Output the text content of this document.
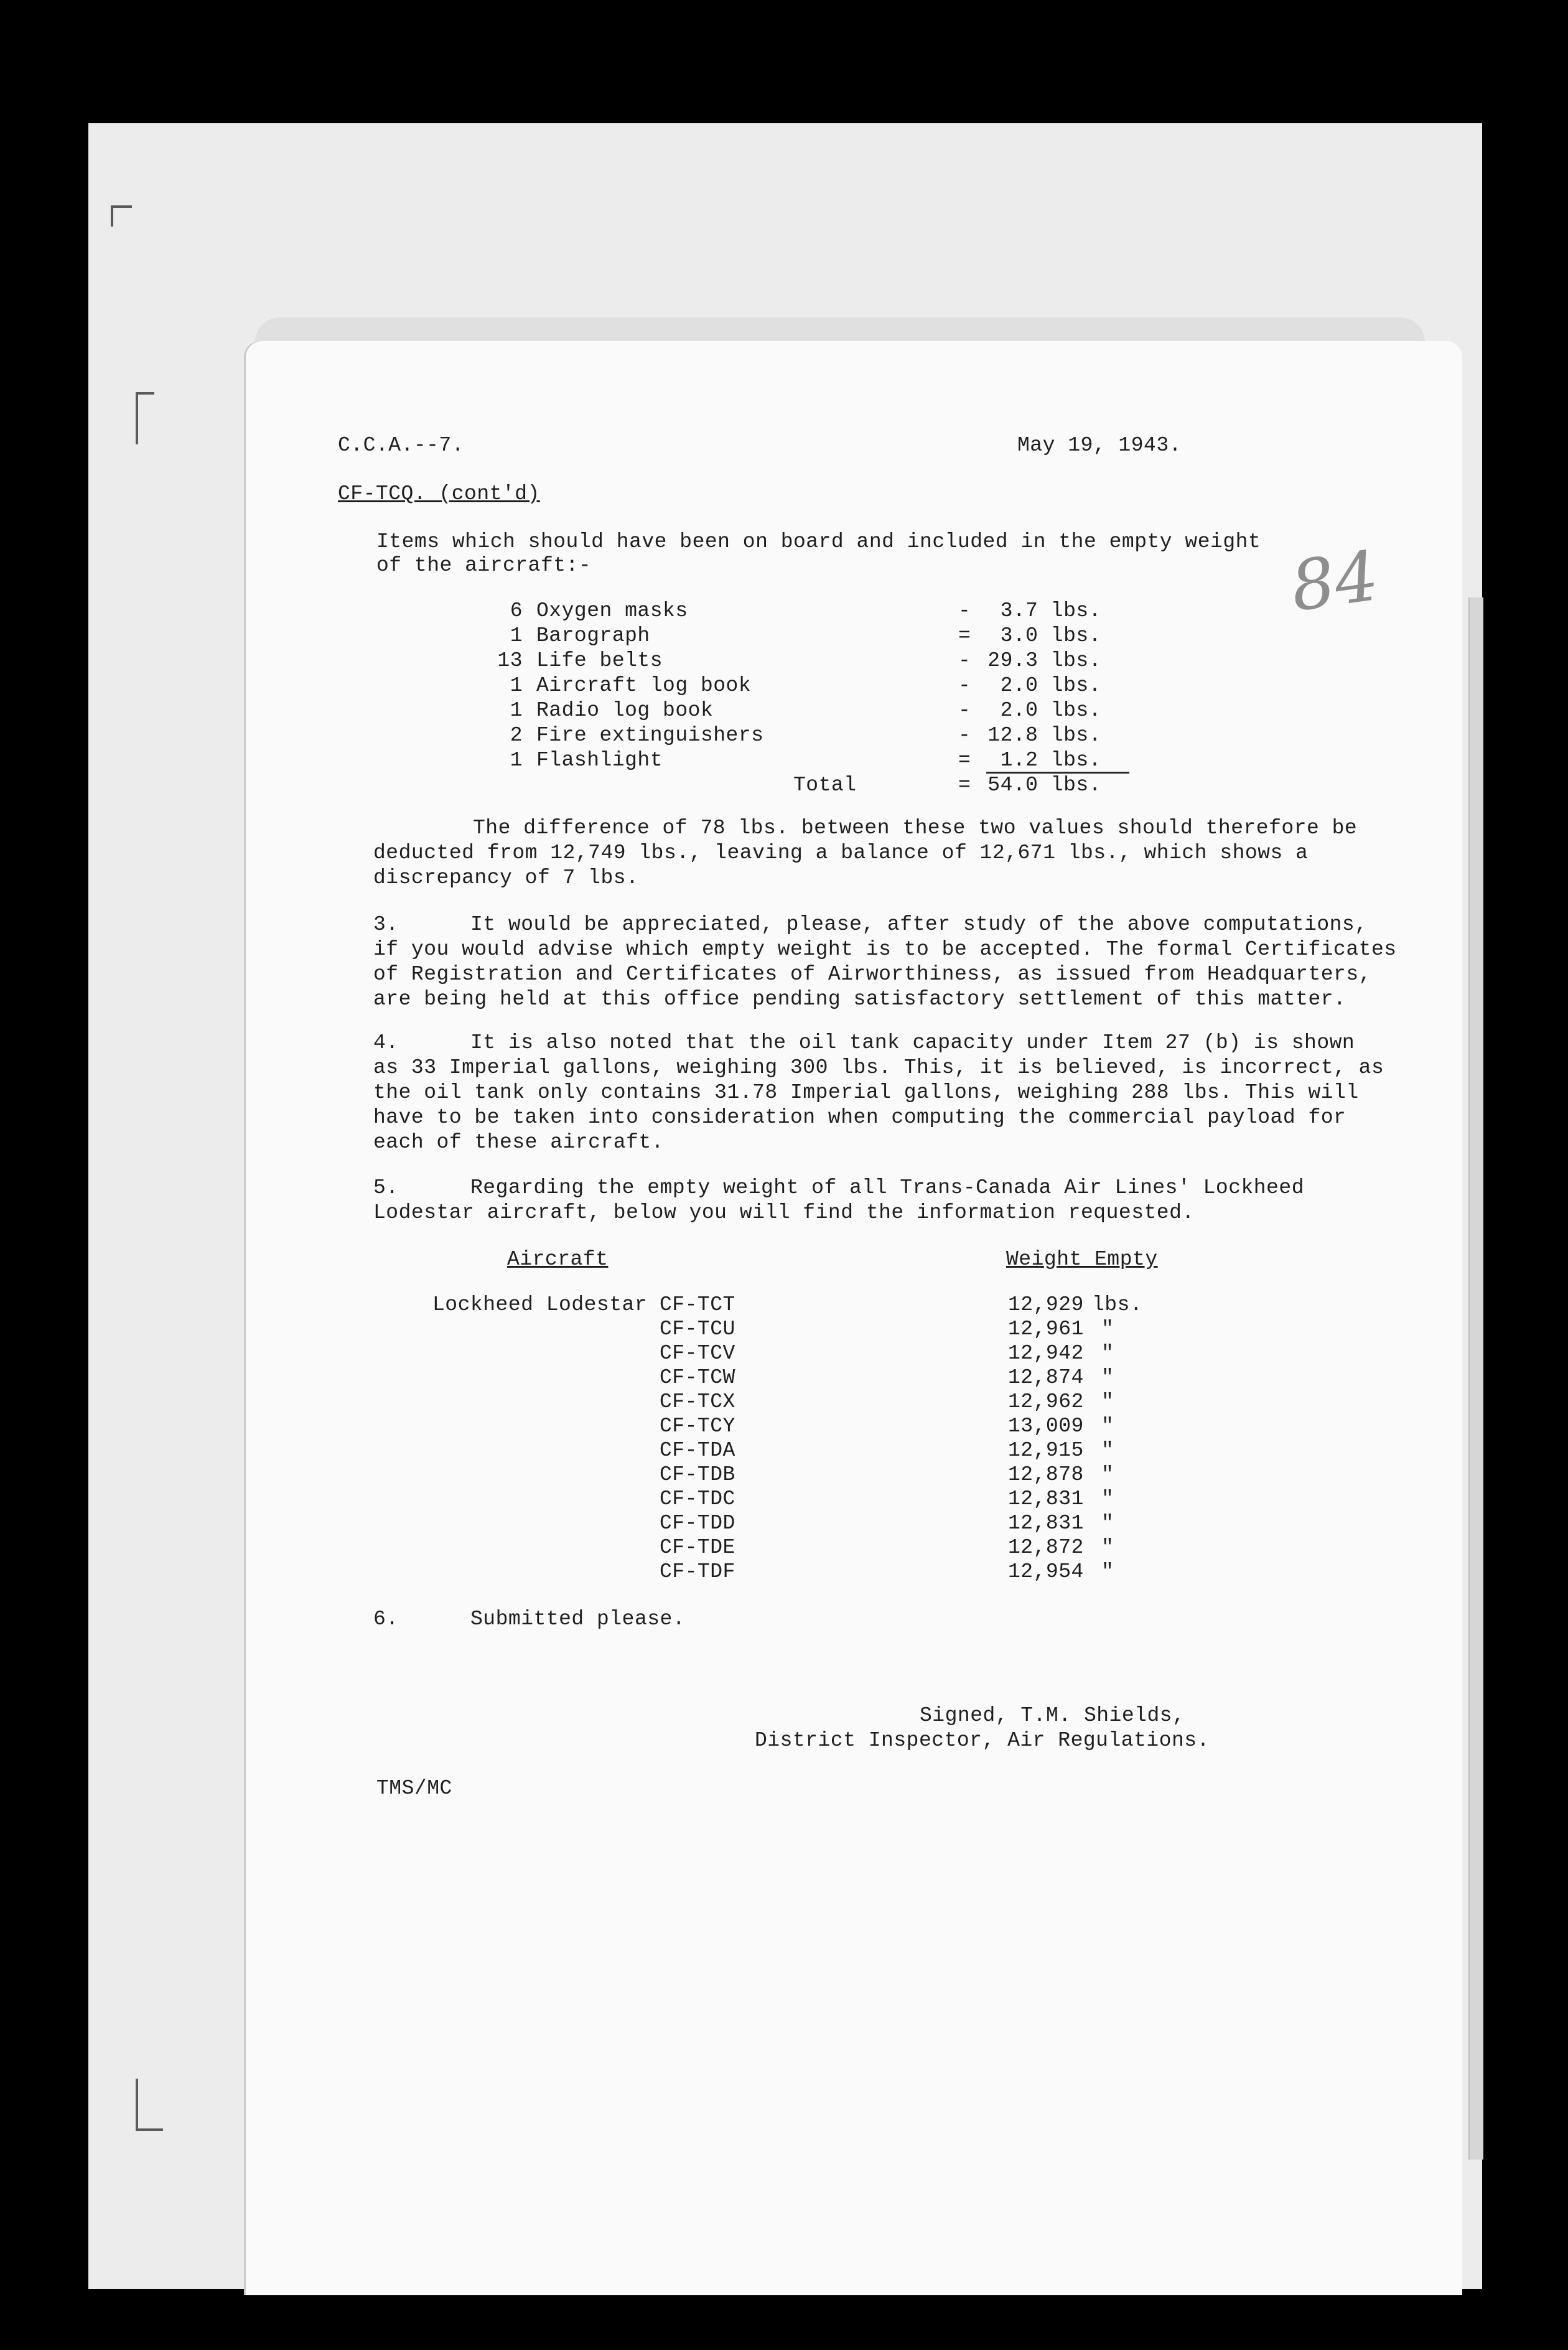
C.C.A.--7.	May 19, 1943.
CF-TCQ. (cont'd)
84
Items which should have been on board and included in the empty weight
of the aircraft:-
6 Oxygen masks	-	3.7 lbs.
1 Barograph	=	3.0 lbs.
13 Life belts	- 29.3 lbs.
1 Aircraft log book	-	2.0 lbs.
1 Radio log book	-	2.0 lbs.
2 Fire extinguishers	- 12.8 lbs.
1 Flashlight	=	1.2 lbs.
Total	= 54.0 lbs.
The difference of 78 lbs. between these two values should therefore be
deducted from 12,749 lbs., leaving a balance of 12,671 lbs., which shows a
discrepancy of 7 lbs.
3.	It would be appreciated, please, after study of the above computations,
if you would advise which empty weight is to be accepted. The formal Certificates
of Registration and Certificates of Airworthiness, as issued from Headquarters,
are being held at this office pending satisfactory settlement of this matter.
4.	It is also noted that the oil tank capacity under Item 27 (b) is shown
as 33 Imperial gallons, weighing 300 lbs. This, it is believed, is incorrect, as
the oil tank only contains 31.78 Imperial gallons, weighing 288 lbs. This will
have to be taken into consideration when computing the commercial payload for
each of these aircraft.
5.	Regarding the empty weight of all Trans-Canada Air Lines' Lockheed
Lodestar aircraft, below you will find the information requested.
Aircraft	Weight Empty
Lockheed Lodestar CF-TCT	12,929 lbs.
CF-TCU	12,961 "
CF-TCV	12,942 "
CF-TCW	12,874 "
CF-TCX	12,962 "
CF-TCY	13,009 "
CF-TDA	12,915 "
CF-TDB	12,878 "
CF-TDC	12,831 "
CF-TDD	12,831 "
CF-TDE	12,872 "
CF-TDF	12,954 "
6.	Submitted please.
Signed, T.M. Shields,
District Inspector, Air Regulations.
TMS/MC
